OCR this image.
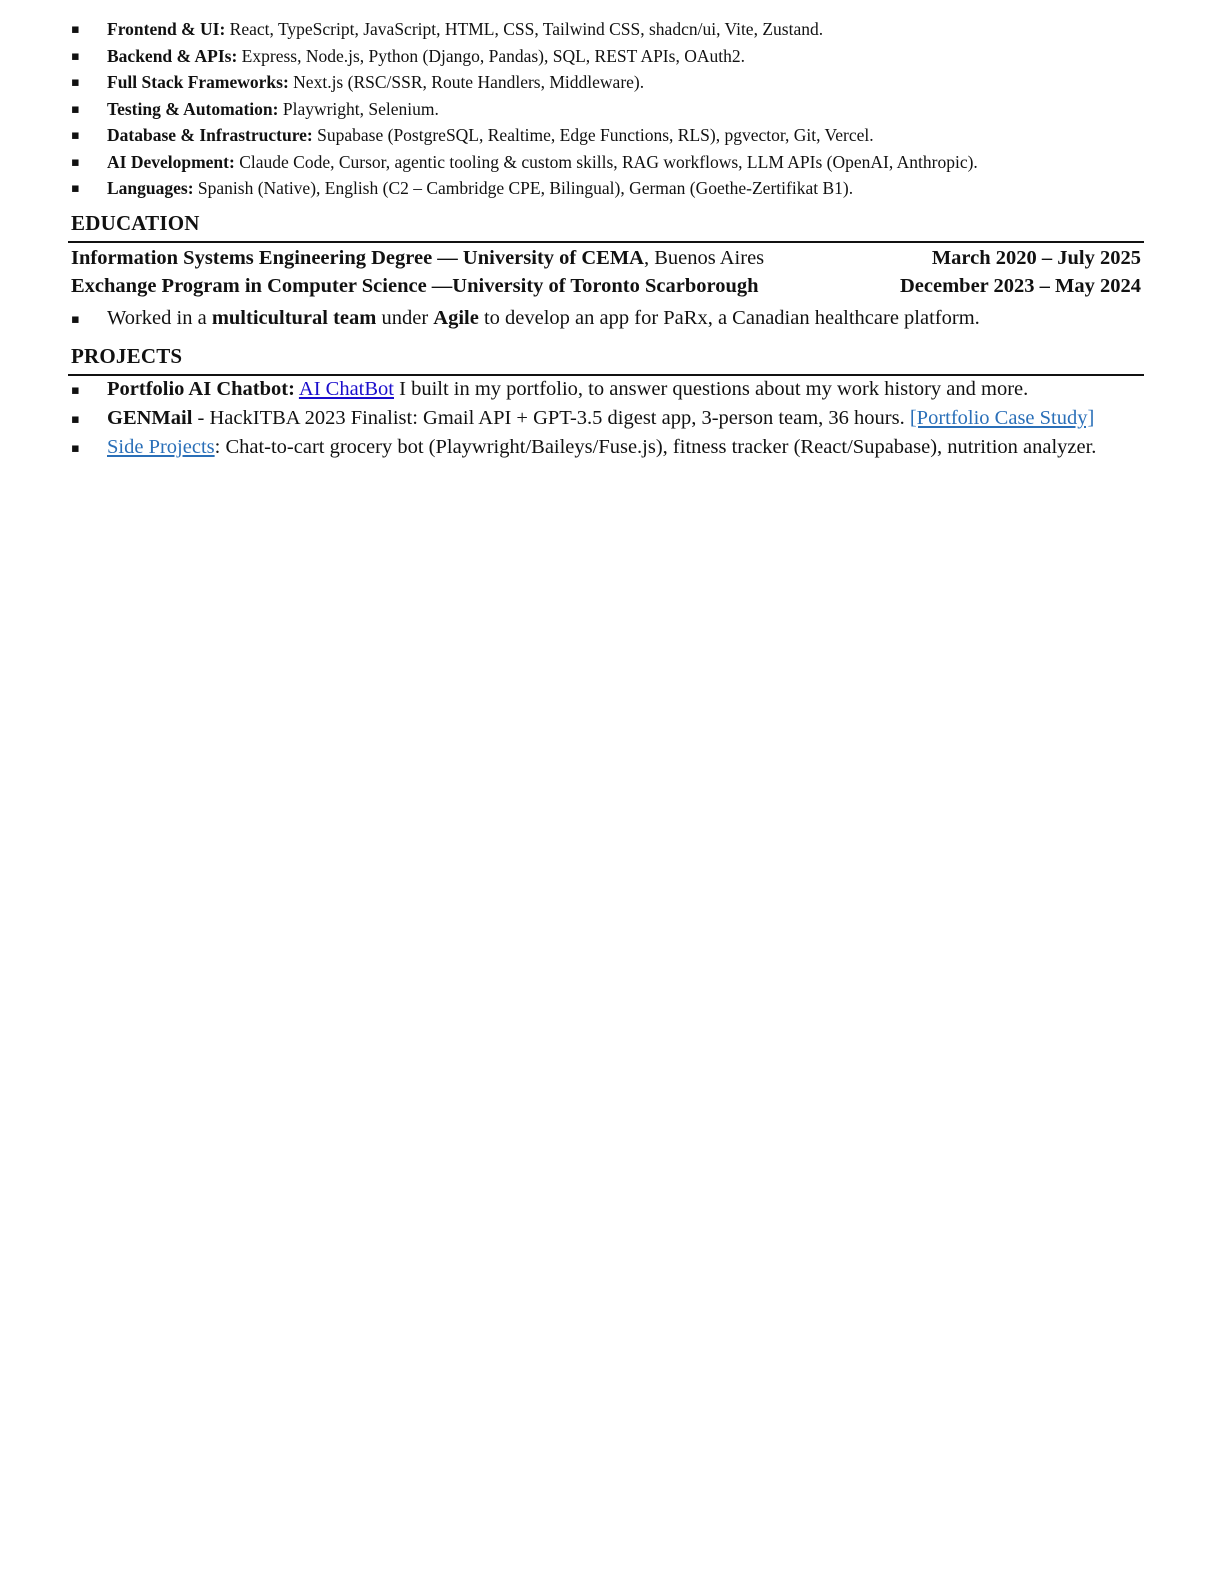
▪
Frontend & UI: React, TypeScript, JavaScript, HTML, CSS, Tailwind CSS, shadcn/ui, Vite, Zustand.
▪
Backend & APIs: Express, Node.js, Python (Django, Pandas), SQL, REST APIs, OAuth2.
▪
Full Stack Frameworks: Next.js (RSC/SSR, Route Handlers, Middleware).
▪
Testing & Automation: Playwright, Selenium.
▪
Database & Infrastructure: Supabase (PostgreSQL, Realtime, Edge Functions, RLS), pgvector, Git, Vercel.
▪
AI Development: Claude Code, Cursor, agentic tooling & custom skills, RAG workflows, LLM APIs (OpenAI, Anthropic).
▪
Languages: Spanish (Native), English (C2 – Cambridge CPE, Bilingual), German (Goethe-Zertifikat B1).
EDUCATION
Information Systems Engineering Degree — University of CEMA, Buenos Aires	March 2020 – July 2025
Exchange Program in Computer Science —University of Toronto Scarborough	December 2023 – May 2024
▪
Worked in a multicultural team under Agile to develop an app for PaRx, a Canadian healthcare platform.
PROJECTS
▪
Portfolio AI Chatbot: AI ChatBot I built in my portfolio, to answer questions about my work history and more.
▪
GENMail - HackITBA 2023 Finalist: Gmail API + GPT-3.5 digest app, 3-person team, 36 hours. [Portfolio Case Study]
▪
Side Projects: Chat-to-cart grocery bot (Playwright/Baileys/Fuse.js), fitness tracker (React/Supabase), nutrition analyzer.
